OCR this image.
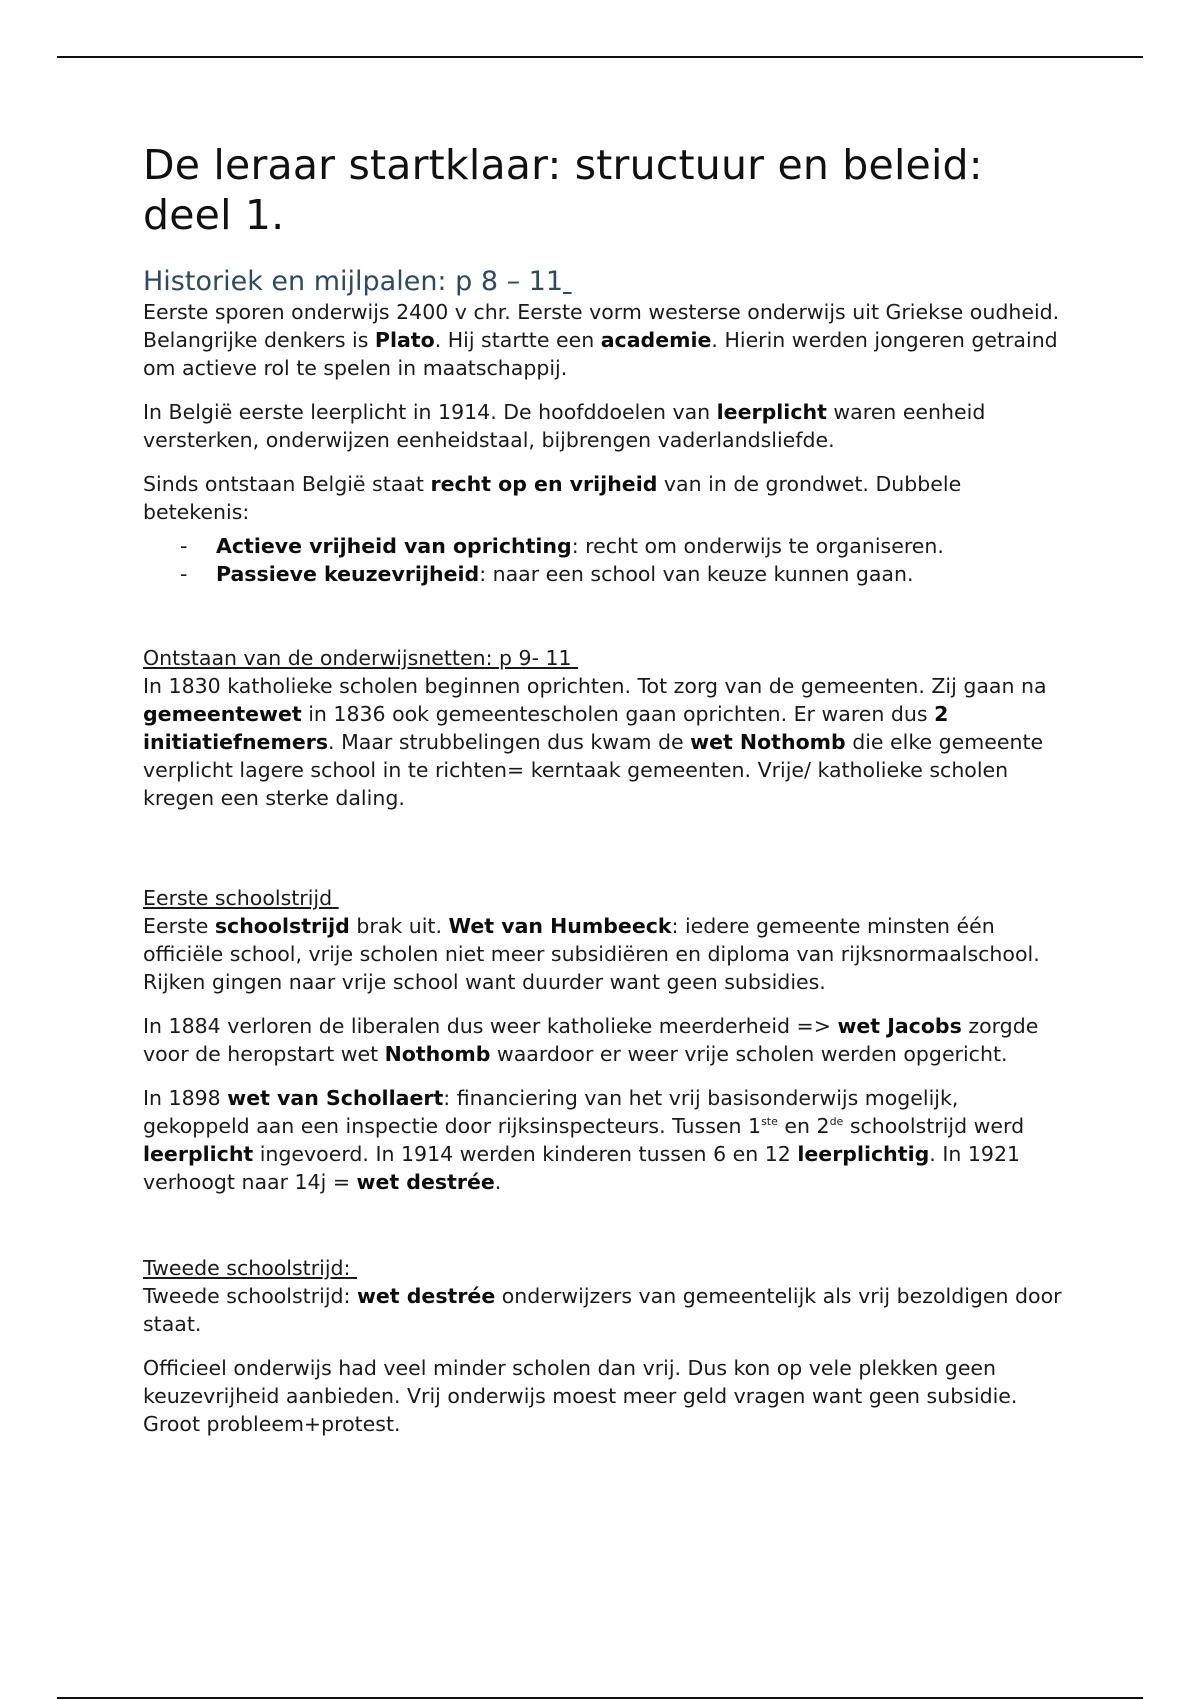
De leraar startklaar: structuur en beleid: deel 1.
Historiek en mijlpalen: p 8 – 11

Eerste sporen onderwijs 2400 v chr. Eerste vorm westerse onderwijs uit Griekse oudheid. Belangrijke denkers is Plato. Hij startte een academie. Hierin werden jongeren getraind om actieve rol te spelen in maatschappij.

In België eerste leerplicht in 1914. De hoofddoelen van leerplicht waren eenheid versterken, onderwijzen eenheidstaal, bijbrengen vaderlandsliefde.

Sinds ontstaan België staat recht op en vrijheid van in de grondwet. Dubbele betekenis:

- Actieve vrijheid van oprichting: recht om onderwijs te organiseren.
- Passieve keuzevrijheid: naar een school van keuze kunnen gaan.
Ontstaan van de onderwijsnetten: p 9- 11

In 1830 katholieke scholen beginnen oprichten. Tot zorg van de gemeenten. Zij gaan na gemeentewet in 1836 ook gemeentescholen gaan oprichten. Er waren dus 2 initiatiefnemers. Maar strubbelingen dus kwam de wet Nothomb die elke gemeente verplicht lagere school in te richten= kerntaak gemeenten. Vrije/ katholieke scholen kregen een sterke daling.

Eerste schoolstrijd

Eerste schoolstrijd brak uit. Wet van Humbeeck: iedere gemeente minsten één officiële school, vrije scholen niet meer subsidiëren en diploma van rijksnormaalschool. Rijken gingen naar vrije school want duurder want geen subsidies.

In 1884 verloren de liberalen dus weer katholieke meerderheid => wet Jacobs zorgde voor de heropstart wet Nothomb waardoor er weer vrije scholen werden opgericht.

In 1898 wet van Schollaert: financiering van het vrij basisonderwijs mogelijk, gekoppeld aan een inspectie door rijksinspecteurs. Tussen 1ste en 2de schoolstrijd werd leerplicht ingevoerd. In 1914 werden kinderen tussen 6 en 12 leerplichtig. In 1921 verhoogt naar 14j = wet destrée.

Tweede schoolstrijd:

Tweede schoolstrijd: wet destrée onderwijzers van gemeentelijk als vrij bezoldigen door staat.

Officieel onderwijs had veel minder scholen dan vrij. Dus kon op vele plekken geen keuzevrijheid aanbieden. Vrij onderwijs moest meer geld vragen want geen subsidie. Groot probleem+protest.
